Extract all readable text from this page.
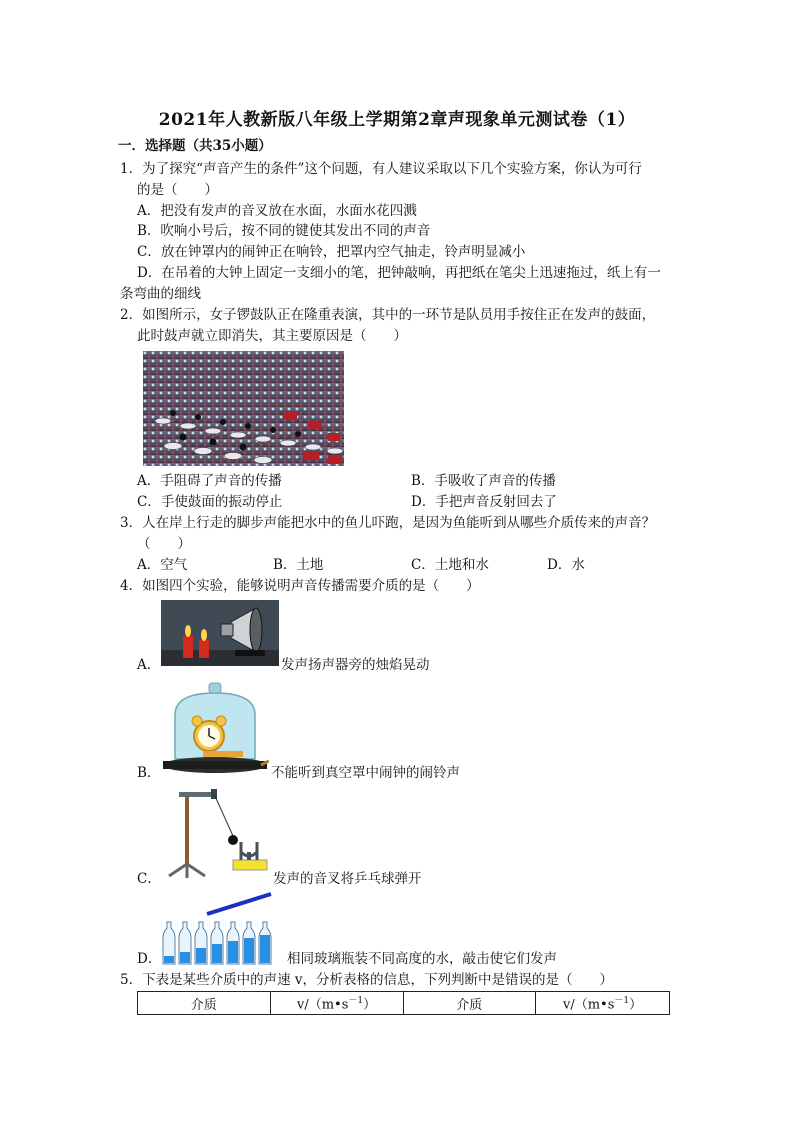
2021年人教新版八年级上学期第2章声现象单元测试卷（1）
一．选择题（共35小题）
1．为了探究“声音产生的条件”这个问题，有人建议采取以下几个实验方案，你认为可行
的是（　　）
A．把没有发声的音叉放在水面，水面水花四溅
B．吹响小号后，按不同的键使其发出不同的声音
C．放在钟罩内的闹钟正在响铃，把罩内空气抽走，铃声明显减小
D．在吊着的大钟上固定一支细小的笔，把钟敲响，再把纸在笔尖上迅速拖过，纸上有一
条弯曲的细线
2．如图所示，女子锣鼓队正在隆重表演，其中的一环节是队员用手按住正在发声的鼓面，
此时鼓声就立即消失，其主要原因是（　　）
A．手阻碍了声音的传播	B．手吸收了声音的传播
C．手使鼓面的振动停止	D．手把声音反射回去了
3．人在岸上行走的脚步声能把水中的鱼儿吓跑，是因为鱼能听到从哪些介质传来的声音？
（　　）
A．空气	B．土地	C．土地和水	D．水
4．如图四个实验，能够说明声音传播需要介质的是（　　）
A．	发声扬声器旁的烛焰晃动
B．	不能听到真空罩中闹钟的闹铃声
C．	发声的音叉将乒乓球弹开
D．	相同玻璃瓶装不同高度的水，敲击使它们发声
5．下表是某些介质中的声速 v，分析表格的信息，下列判断中是错误的是（　　）
介质	$v/(m•s^{-1})$	介质	$v/(m•s^{-1})$
